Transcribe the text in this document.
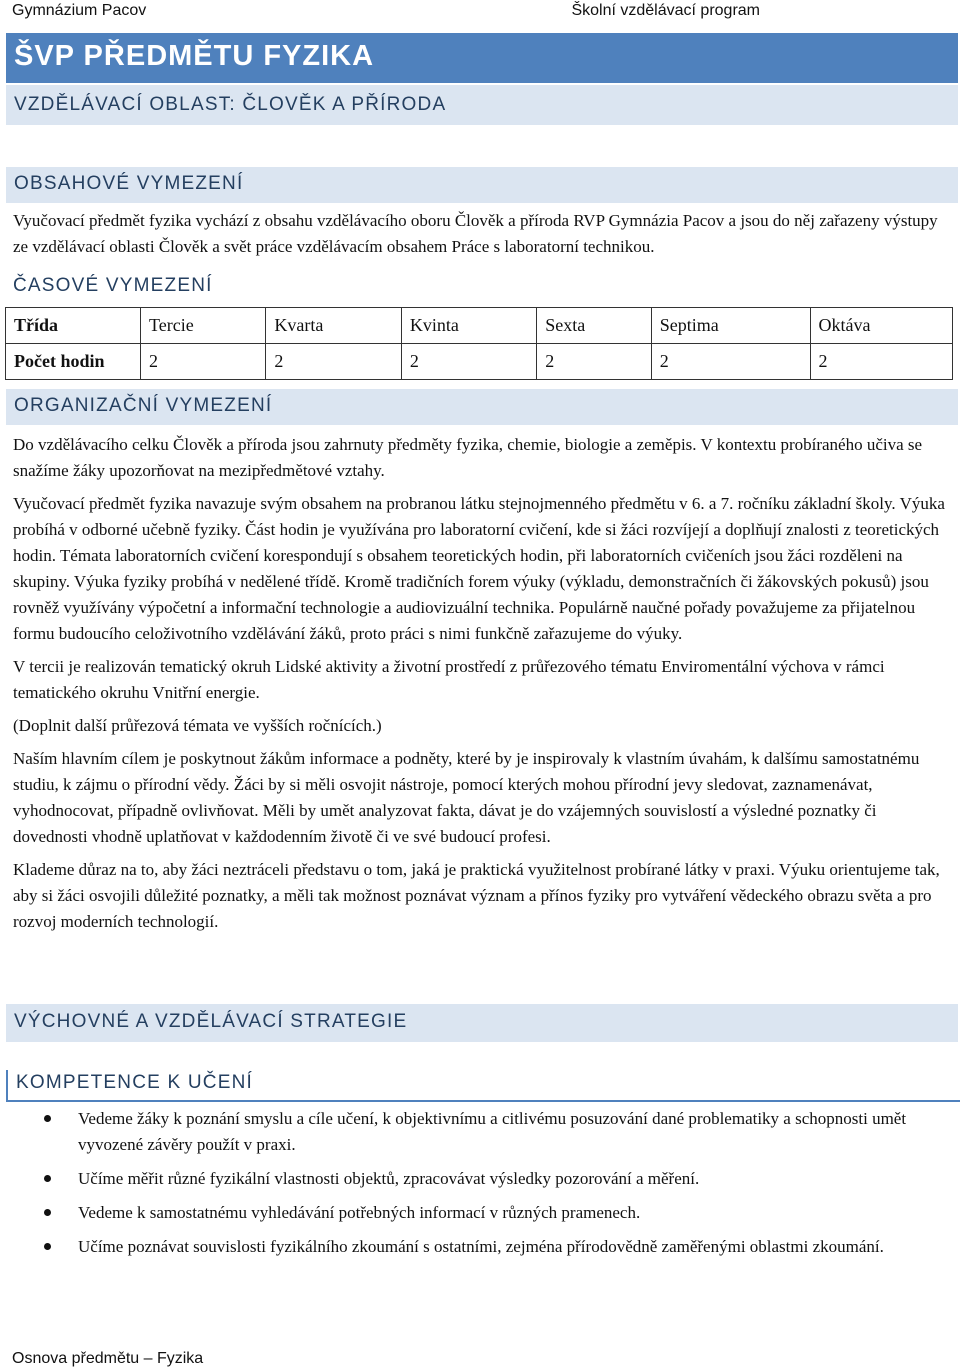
Gymnázium Pacov	Školní vzdělávací program
ŠVP PŘEDMĚTU FYZIKA
VZDĚLÁVACÍ OBLAST: ČLOVĚK A PŘÍRODA
OBSAHOVÉ VYMEZENÍ

Vyučovací předmět fyzika vychází z obsahu vzdělávacího oboru Člověk a příroda RVP Gymnázia Pacov a jsou do něj zařazeny výstupy ze vzdělávací oblasti Člověk a svět práce vzdělávacím obsahem Práce s laboratorní technikou.

ČASOVÉ VYMEZENÍ
Třída	Tercie	Kvarta	Kvinta	Sexta	Septima	Oktáva
Počet hodin	2	2	2	2	2	2
ORGANIZAČNÍ VYMEZENÍ

Do vzdělávacího celku Člověk a příroda jsou zahrnuty předměty fyzika, chemie, biologie a zeměpis. V kontextu probíraného učiva se snažíme žáky upozorňovat na mezipředmětové vztahy.

Vyučovací předmět fyzika navazuje svým obsahem na probranou látku stejnojmenného předmětu v 6. a 7. ročníku základní školy. Výuka probíhá v odborné učebně fyziky. Část hodin je využívána pro laboratorní cvičení, kde si žáci rozvíjejí a doplňují znalosti z teoretických hodin. Témata laboratorních cvičení korespondují s obsahem teoretických hodin, při laboratorních cvičeních jsou žáci rozděleni na skupiny. Výuka fyziky probíhá v nedělené třídě. Kromě tradičních forem výuky (výkladu, demonstračních či žákovských pokusů) jsou rovněž využívány výpočetní a informační technologie a audiovizuální technika. Populárně naučné pořady považujeme za přijatelnou formu budoucího celoživotního vzdělávání žáků, proto práci s nimi funkčně zařazujeme do výuky.

V tercii je realizován tematický okruh Lidské aktivity a životní prostředí z průřezového tématu Enviromentální výchova v rámci tematického okruhu Vnitřní energie.

(Doplnit další průřezová témata ve vyšších ročnících.)

Naším hlavním cílem je poskytnout žákům informace a podněty, které by je inspirovaly k vlastním úvahám, k dalšímu samostatnému studiu, k zájmu o přírodní vědy. Žáci by si měli osvojit nástroje, pomocí kterých mohou přírodní jevy sledovat, zaznamenávat, vyhodnocovat, případně ovlivňovat. Měli by umět analyzovat fakta, dávat je do vzájemných souvislostí a výsledné poznatky či dovednosti vhodně uplatňovat v každodenním životě či ve své budoucí profesi.

Klademe důraz na to, aby žáci neztráceli představu o tom, jaká je praktická využitelnost probírané látky v praxi. Výuku orientujeme tak, aby si žáci osvojili důležité poznatky, a měli tak možnost poznávat význam a přínos fyziky pro vytváření vědeckého obrazu světa a pro rozvoj moderních technologií.

VÝCHOVNÉ A VZDĚLÁVACÍ STRATEGIE
KOMPETENCE K UČENÍ
Vedeme žáky k poznání smyslu a cíle učení, k objektivnímu a citlivému posuzování dané problematiky a schopnosti umět vyvozené závěry použít v praxi.
Učíme měřit různé fyzikální vlastnosti objektů, zpracovávat výsledky pozorování a měření.
Vedeme k samostatnému vyhledávání potřebných informací v různých pramenech.
Učíme poznávat souvislosti fyzikálního zkoumání s ostatními, zejména přírodovědně zaměřenými oblastmi zkoumání.
Osnova předmětu – Fyzika
